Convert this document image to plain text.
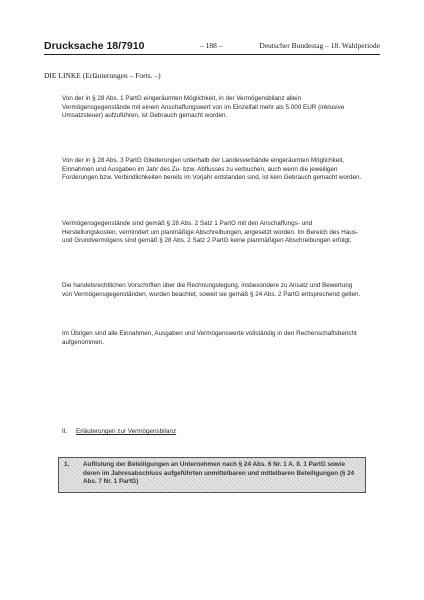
Drucksache 18/7910	– 188 –	Deutscher Bundestag – 18. Wahlperiode
DIE LINKE (Erläuterungen – Forts. –)

Von der in § 28 Abs. 1 PartG eingeräumten Möglichkeit, in der Vermögensbilanz allein Vermögensgegenstände mit einem Anschaffungswert von im Einzelfall mehr als 5.000 EUR (inklusive Umsatzsteuer) aufzuführen, ist Gebrauch gemacht worden.

Von der in § 28 Abs. 3 PartG Gliederungen unterhalb der Landesverbände eingeräumten Möglichkeit, Einnahmen und Ausgaben im Jahr des Zu- bzw. Abflusses zu verbuchen, auch wenn die jeweiligen Forderungen bzw. Verbindlichkeiten bereits im Vorjahr entstanden sind, ist kein Gebrauch gemacht worden.

Vermögensgegenstände sind gemäß § 28 Abs. 2 Satz 1 PartG mit den Anschaffungs- und Herstellungskosten, vermindert um planmäßige Abschreibungen, angesetzt worden. Im Bereich des Haus- und Grundvermögens sind gemäß § 28 Abs. 2 Satz 2 PartG keine planmäßigen Abschreibungen erfolgt.

Die handelsrechtlichen Vorschriften über die Rechnungslegung, insbesondere zu Ansatz und Bewertung von Vermögensgegenständen, wurden beachtet, soweit sie gemäß § 24 Abs. 2 PartG entsprechend gelten.

Im Übrigen sind alle Einnahmen, Ausgaben und Vermögenswerte vollständig in den Rechenschaftsbericht aufgenommen.

II. Erläuterungen zur Vermögensbilanz
1. Auflistung der Beteiligungen an Unternehmen nach § 24 Abs. 6 Nr. 1 A. II. 1 PartG sowie deren im Jahresabschluss aufgeführten unmittelbaren und mittelbaren Beteiligungen (§ 24 Abs. 7 Nr. 1 PartG)
